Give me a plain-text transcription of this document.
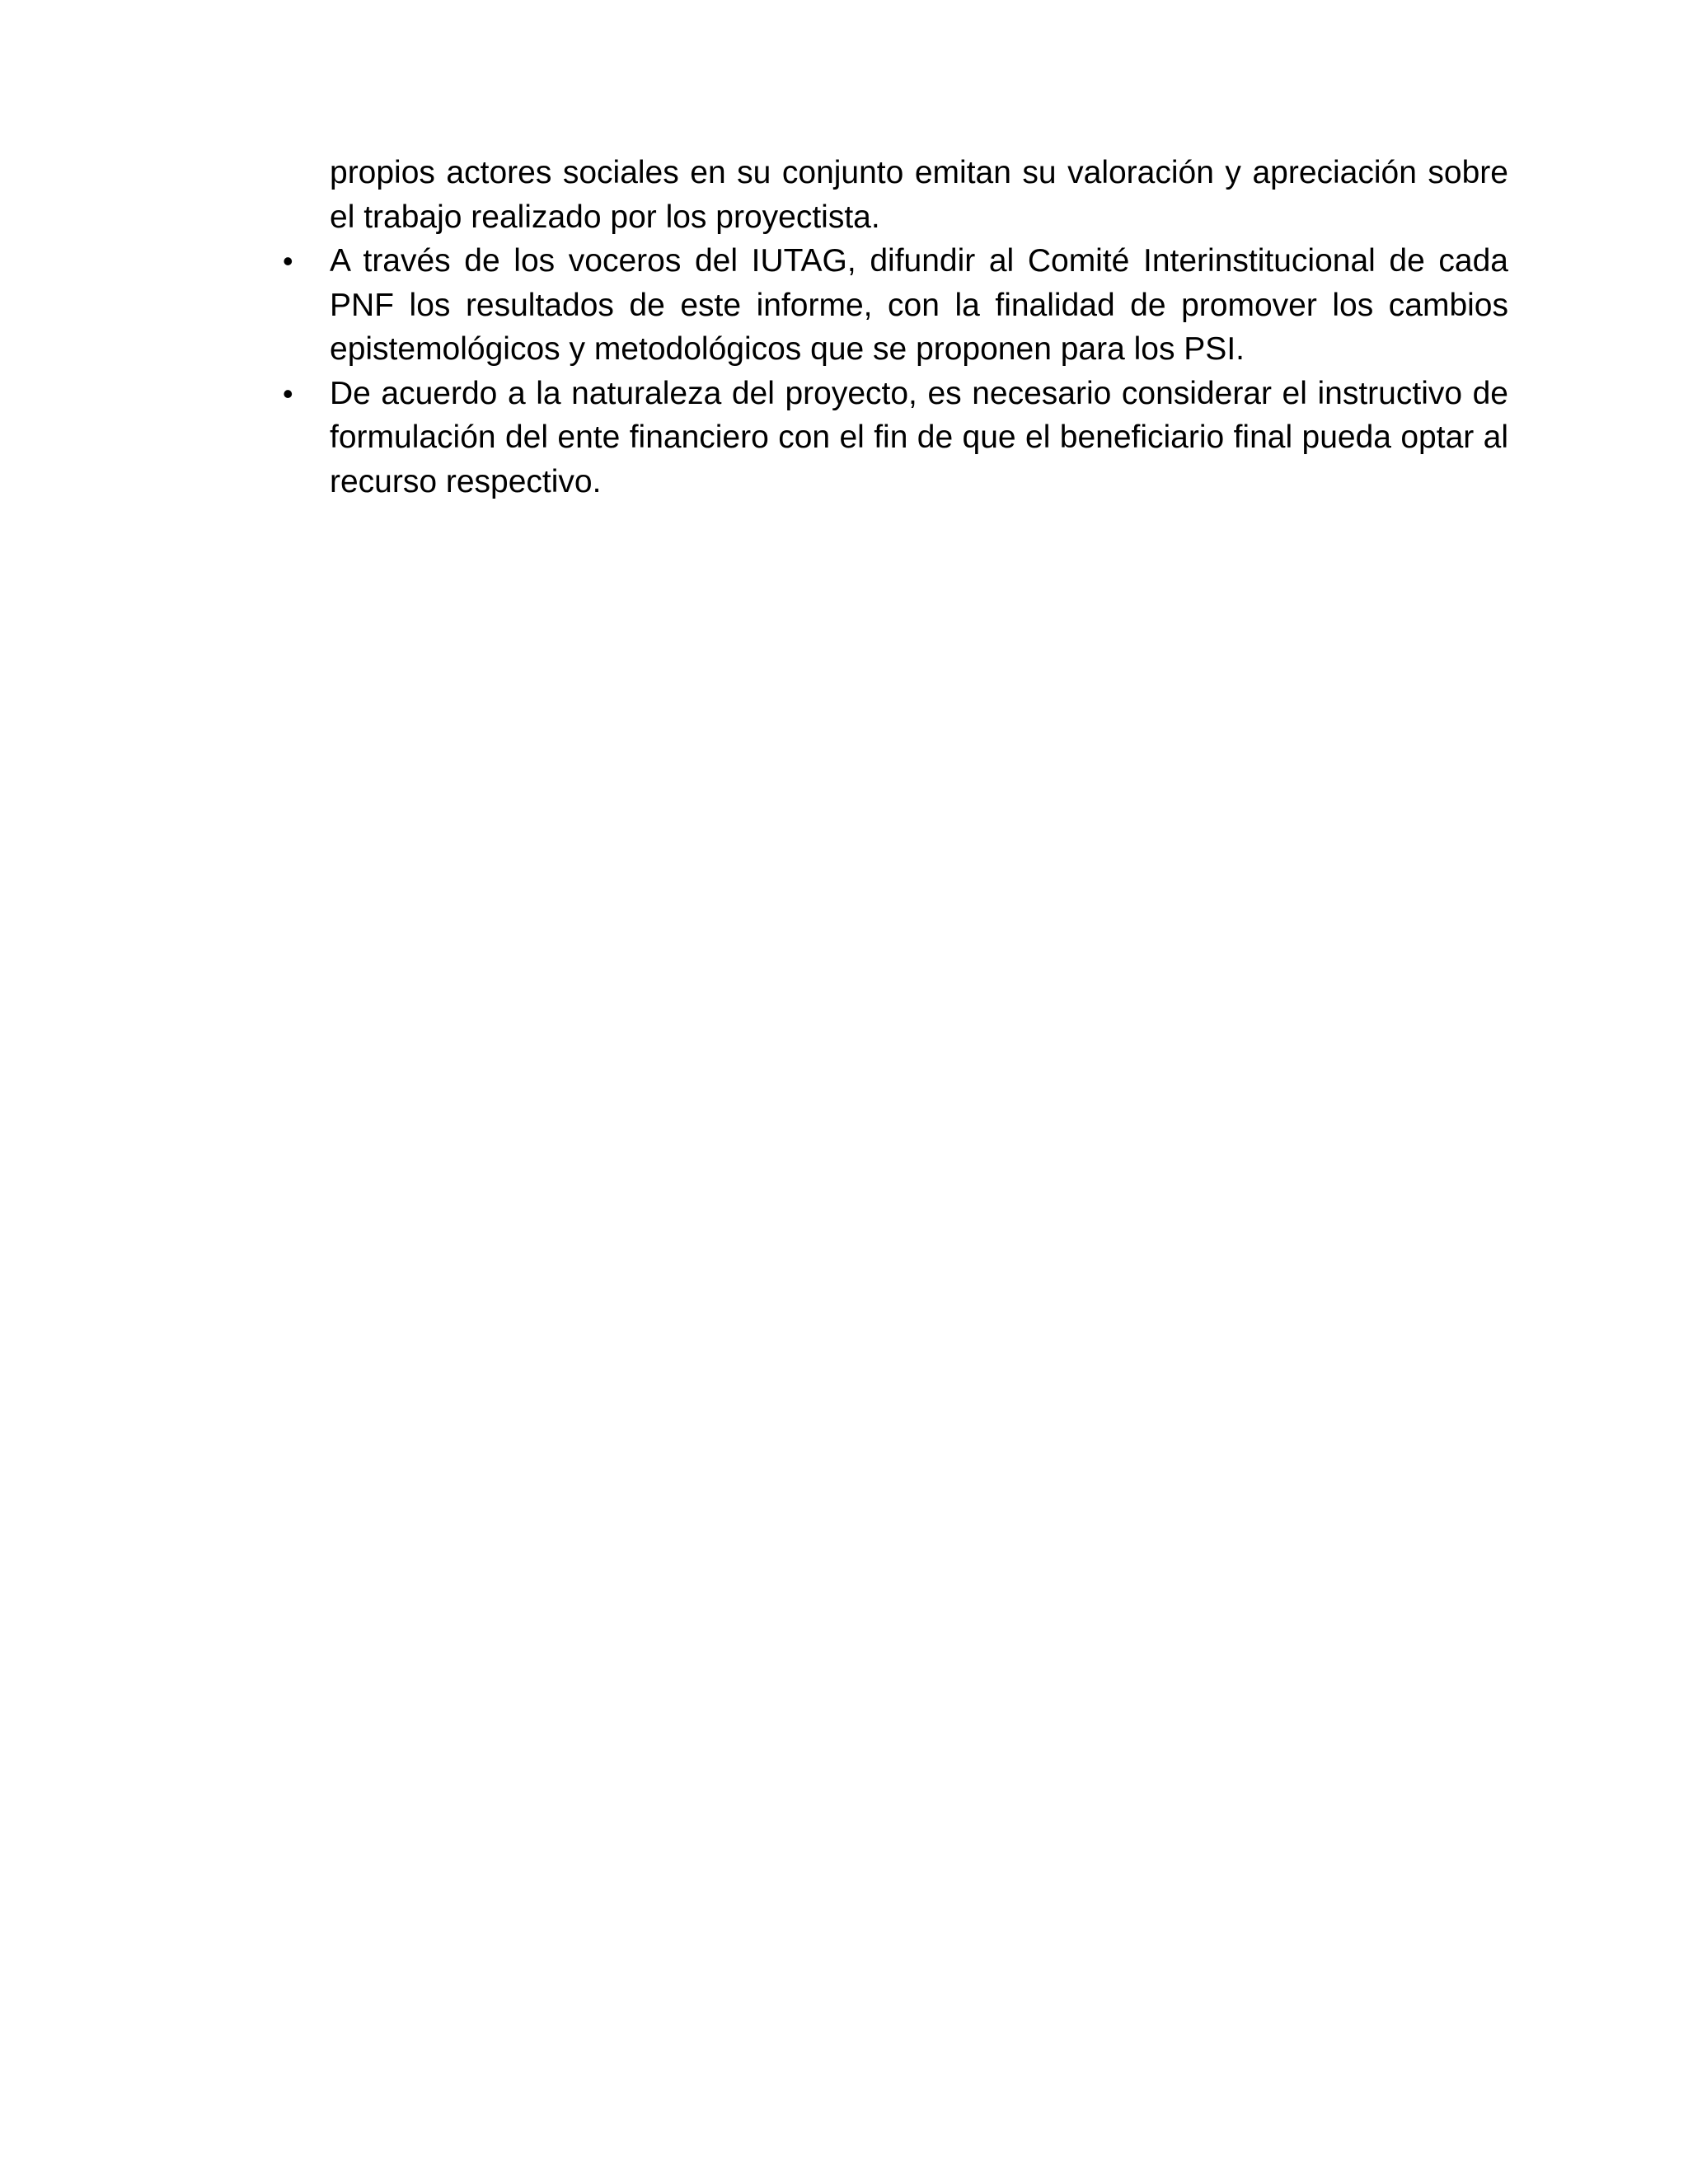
propios actores sociales en su conjunto emitan su valoración y apreciación sobre el trabajo realizado por los proyectista.

• A través de los voceros del IUTAG, difundir al Comité Interinstitucional de cada PNF los resultados de este informe, con la finalidad de promover los cambios epistemológicos y metodológicos que se proponen para los PSI.
• De acuerdo a la naturaleza del proyecto, es necesario considerar el instructivo de formulación del ente financiero con el fin de que el beneficiario final pueda optar al recurso respectivo.
